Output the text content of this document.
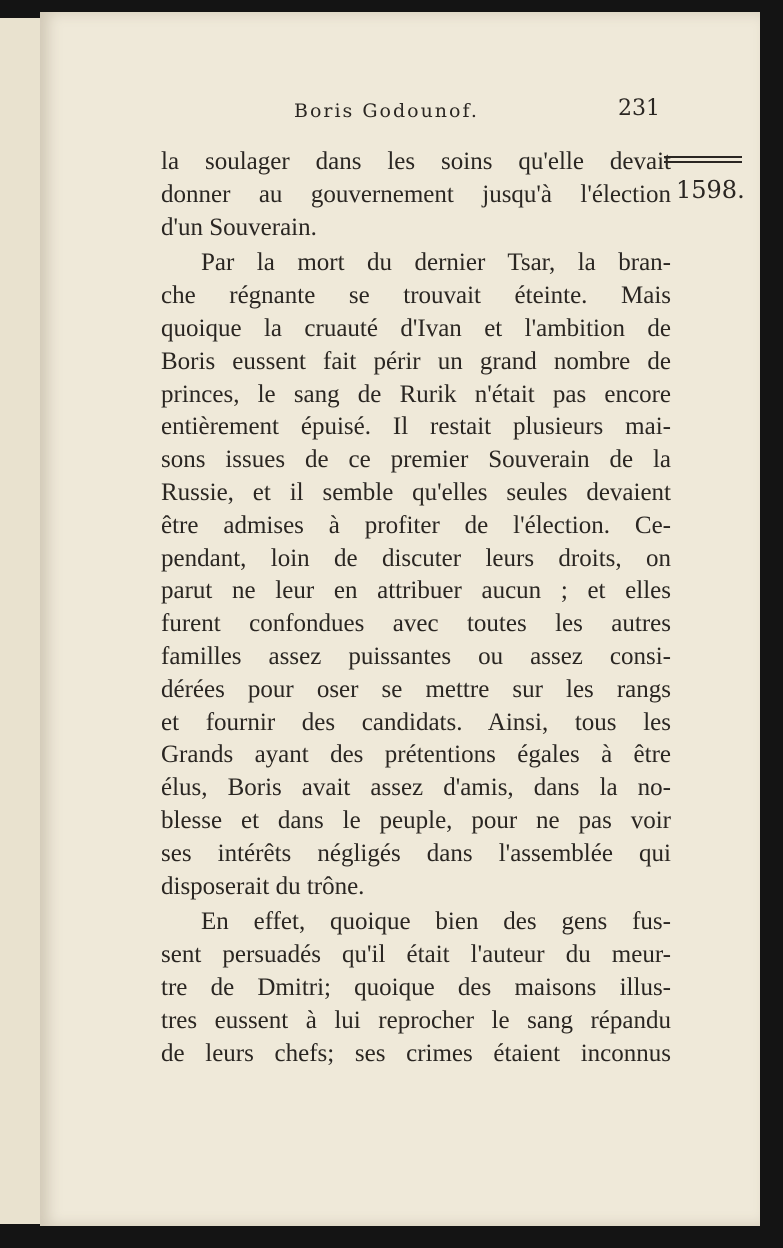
Boris Godounof.	231
1598.
la soulager dans les soins qu'elle devait
donner au gouvernement jusqu'à l'élection
d'un Souverain.
Par la mort du dernier Tsar, la bran-
che régnante se trouvait éteinte. Mais
quoique la cruauté d'Ivan et l'ambition de
Boris eussent fait périr un grand nombre de
princes, le sang de Rurik n'était pas encore
entièrement épuisé. Il restait plusieurs mai-
sons issues de ce premier Souverain de la
Russie, et il semble qu'elles seules devaient
être admises à profiter de l'élection. Ce-
pendant, loin de discuter leurs droits, on
parut ne leur en attribuer aucun ; et elles
furent confondues avec toutes les autres
familles assez puissantes ou assez consi-
dérées pour oser se mettre sur les rangs
et fournir des candidats. Ainsi, tous les
Grands ayant des prétentions égales à être
élus, Boris avait assez d'amis, dans la no-
blesse et dans le peuple, pour ne pas voir
ses intérêts négligés dans l'assemblée qui
disposerait du trône.
En effet, quoique bien des gens fus-
sent persuadés qu'il était l'auteur du meur-
tre de Dmitri; quoique des maisons illus-
tres eussent à lui reprocher le sang répandu
de leurs chefs; ses crimes étaient inconnus
